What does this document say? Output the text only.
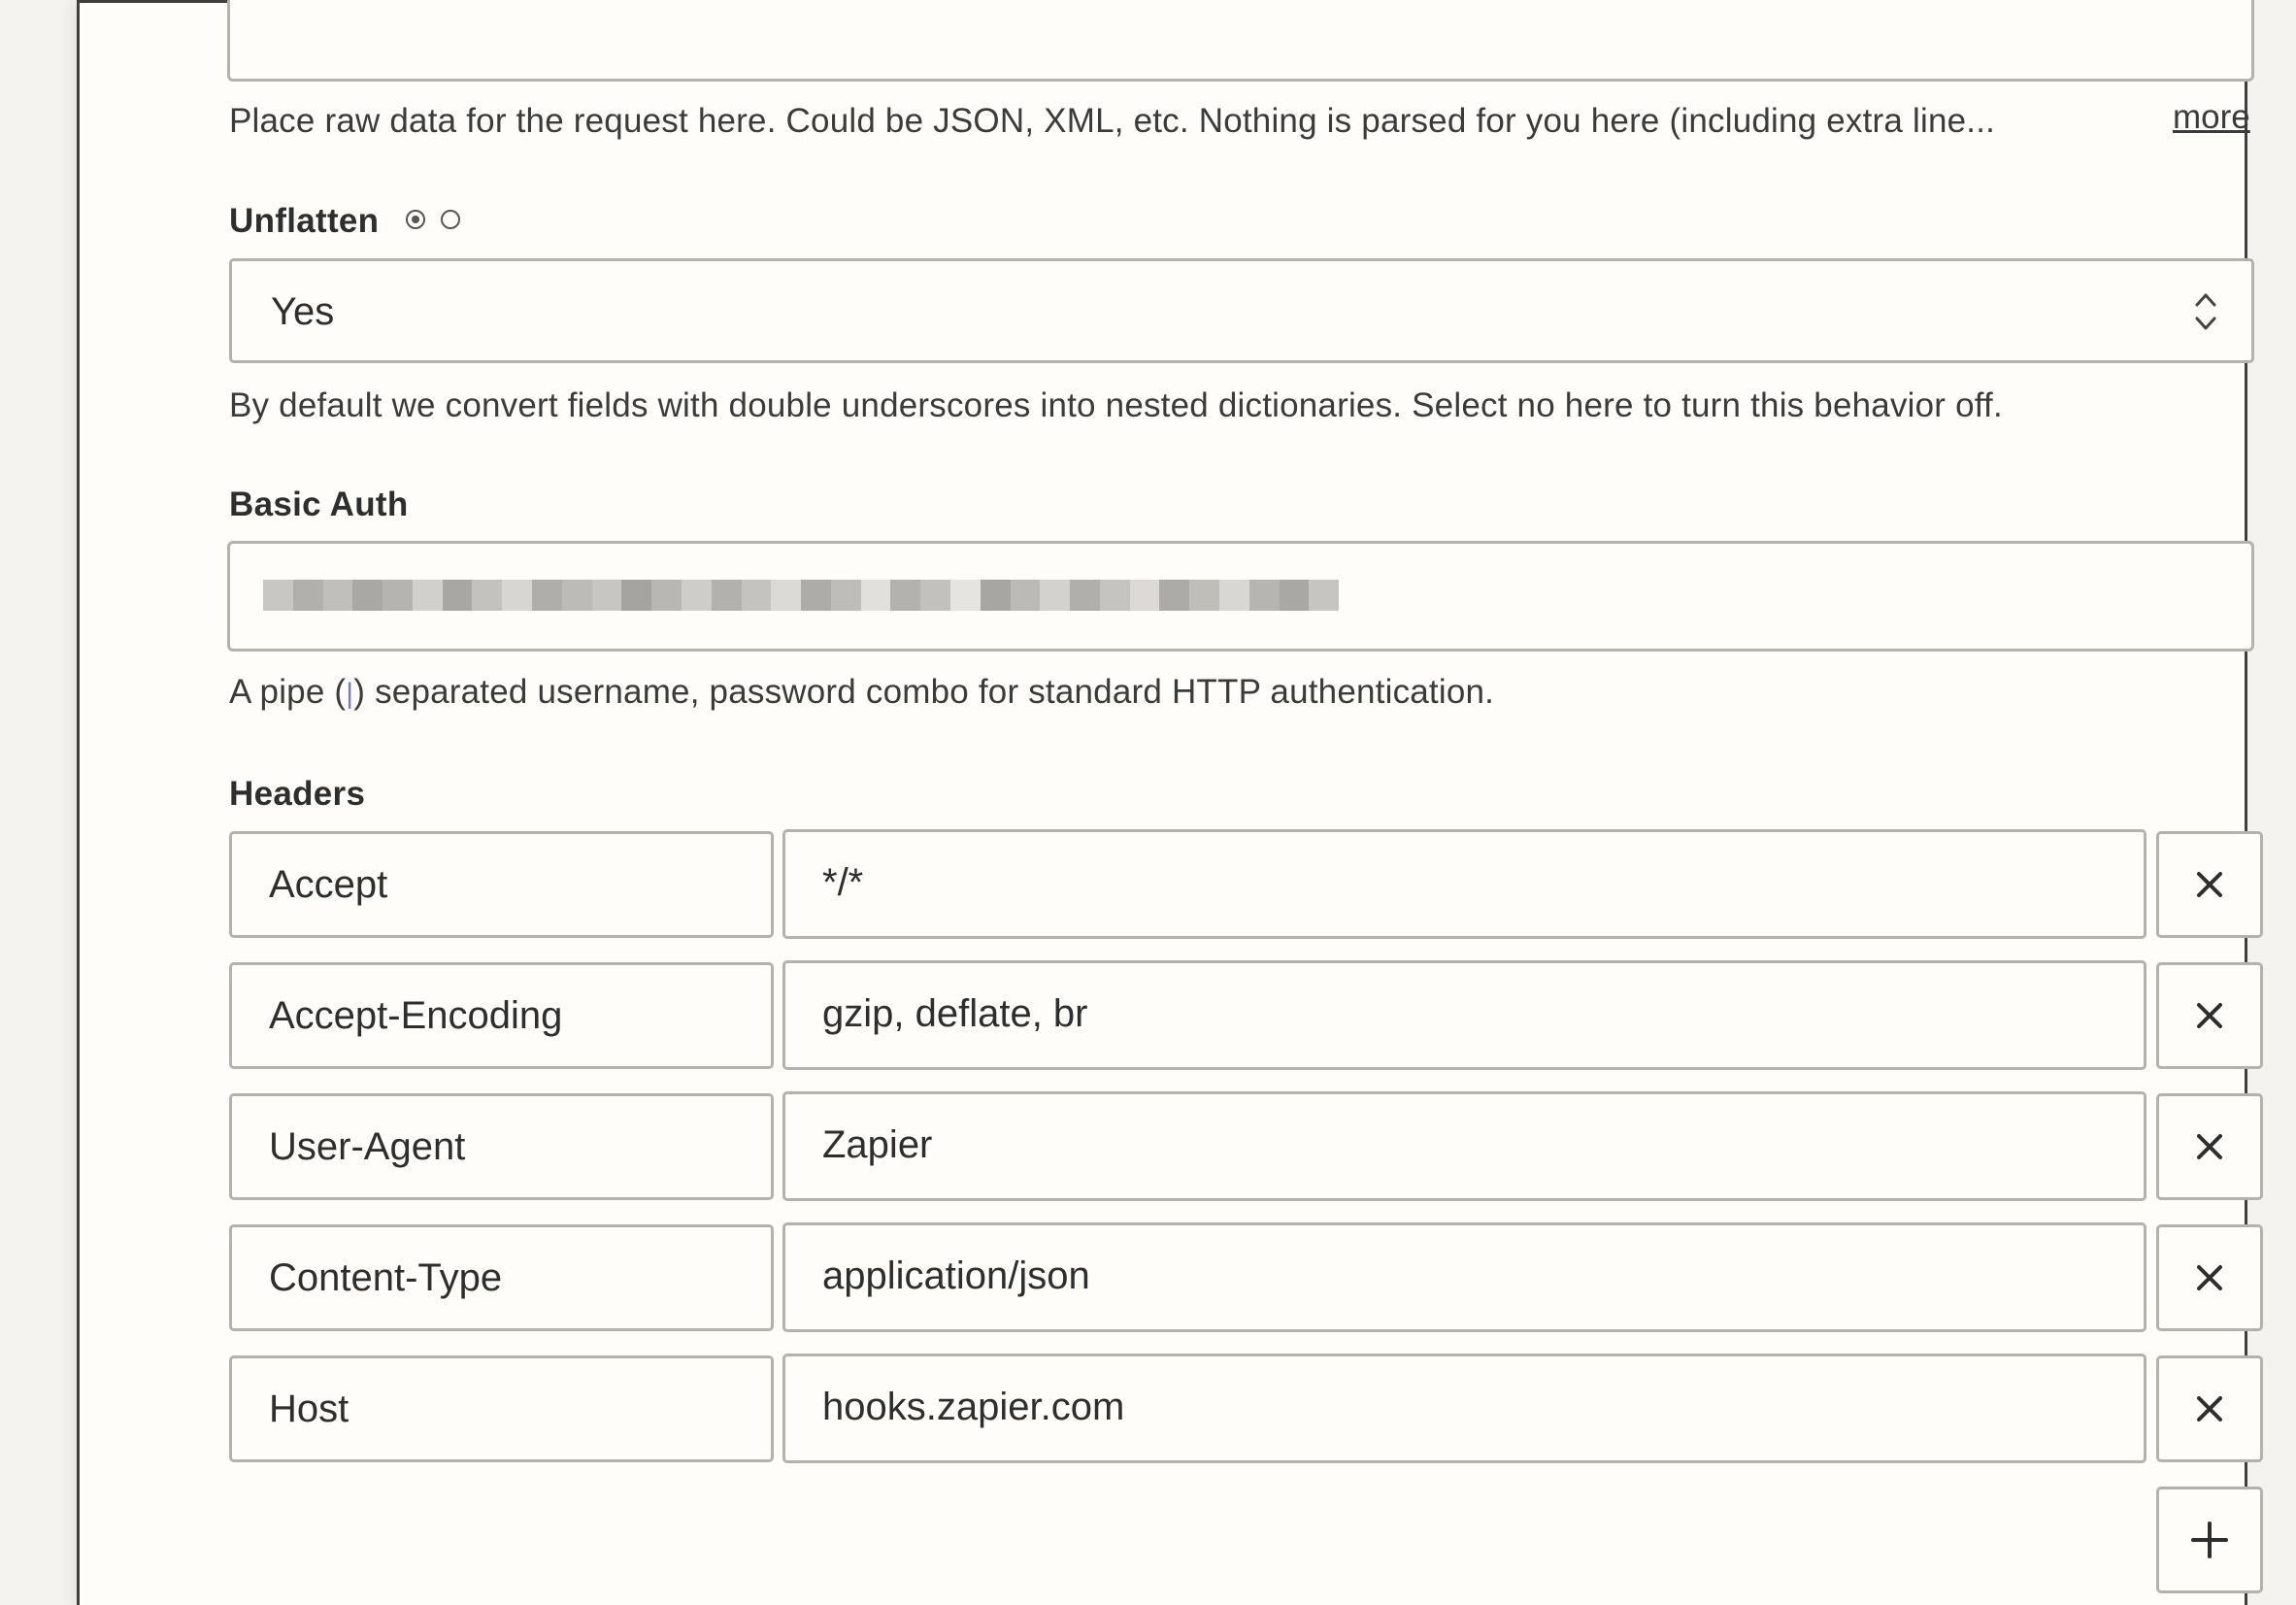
Place raw data for the request here. Could be JSON, XML, etc. Nothing is parsed for you here (including extra line...	more
Unflatten
Yes
By default we convert fields with double underscores into nested dictionaries. Select no here to turn this behavior off.
Basic Auth
A pipe (|) separated username, password combo for standard HTTP authentication.
Headers
Accept	*/*
Accept-Encoding	gzip, deflate, br
User-Agent	Zapier
Content-Type	application/json
Host	hooks.zapier.com
